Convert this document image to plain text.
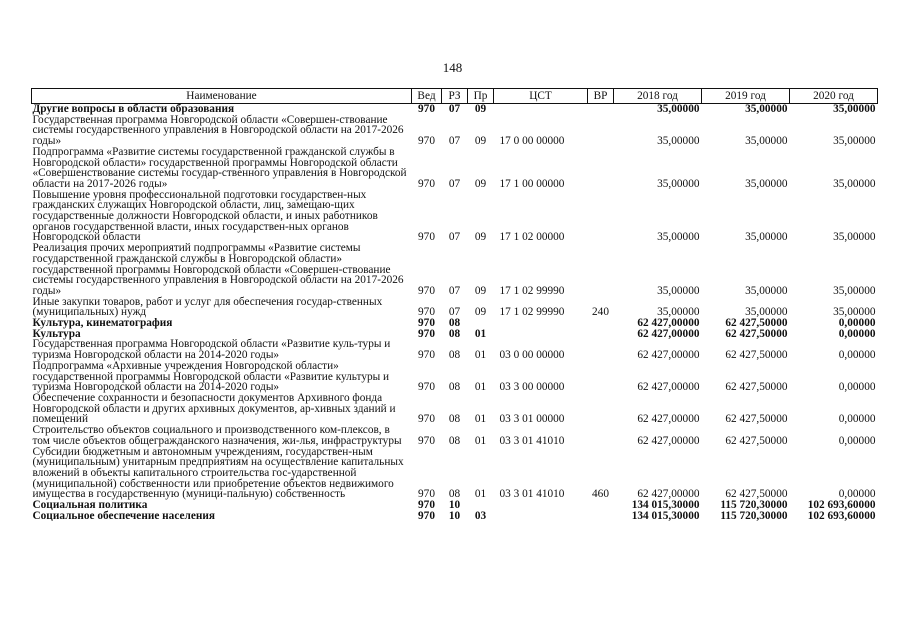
148
Наименование	Вед	РЗ	Пр	ЦСТ	ВР	2018 год	2019 год	2020 год
Другие вопросы в области образования	970	07	09			35,00000	35,00000	35,00000
Государственная программа Новгородской области «Совершен-ствование системы государственного управления в Новгородской области на 2017-2026 годы»	970	07	09	17 0 00 00000		35,00000	35,00000	35,00000
Подпрограмма «Развитие системы государственной гражданской службы в Новгородской области» государственной программы Новгородской области «Совершенствование системы государ-ственного управления в Новгородской области на 2017-2026 годы»	970	07	09	17 1 00 00000		35,00000	35,00000	35,00000
Повышение уровня профессиональной подготовки государствен-ных гражданских служащих Новгородской области, лиц, замещаю-щих государственные должности Новгородской области, и иных работников органов государственной власти, иных государствен-ных органов Новгородской области	970	07	09	17 1 02 00000		35,00000	35,00000	35,00000
Реализация прочих мероприятий подпрограммы «Развитие системы государственной гражданской службы в Новгородской области» государственной программы Новгородской области «Совершен-ствование системы государственного управления в Новгородской области на 2017-2026 годы»	970	07	09	17 1 02 99990		35,00000	35,00000	35,00000
Иные закупки товаров, работ и услуг для обеспечения государ-ственных (муниципальных) нужд	970	07	09	17 1 02 99990	240	35,00000	35,00000	35,00000
Культура, кинематография	970	08				62 427,00000	62 427,50000	0,00000
Культура	970	08	01			62 427,00000	62 427,50000	0,00000
Государственная программа Новгородской области «Развитие куль-туры и туризма Новгородской области на 2014-2020 годы»	970	08	01	03 0 00 00000		62 427,00000	62 427,50000	0,00000
Подпрограмма «Архивные учреждения Новгородской области» государственной программы Новгородской области «Развитие культуры и туризма Новгородской области на 2014-2020 годы»	970	08	01	03 3 00 00000		62 427,00000	62 427,50000	0,00000
Обеспечение сохранности и безопасности документов Архивного фонда Новгородской области и других архивных документов, ар-хивных зданий и помещений	970	08	01	03 3 01 00000		62 427,00000	62 427,50000	0,00000
Строительство объектов социального и производственного ком-плексов, в том числе объектов общегражданского назначения, жи-лья, инфраструктуры	970	08	01	03 3 01 41010		62 427,00000	62 427,50000	0,00000
Субсидии бюджетным и автономным учреждениям, государствен-ным (муниципальным) унитарным предприятиям на осуществление капитальных вложений в объекты капитального строительства гос-ударственной (муниципальной) собственности или приобретение объектов недвижимого имущества в государственную (муници-пальную) собственность	970	08	01	03 3 01 41010	460	62 427,00000	62 427,50000	0,00000
Социальная политика	970	10				134 015,30000	115 720,30000	102 693,60000
Социальное обеспечение населения	970	10	03			134 015,30000	115 720,30000	102 693,60000
